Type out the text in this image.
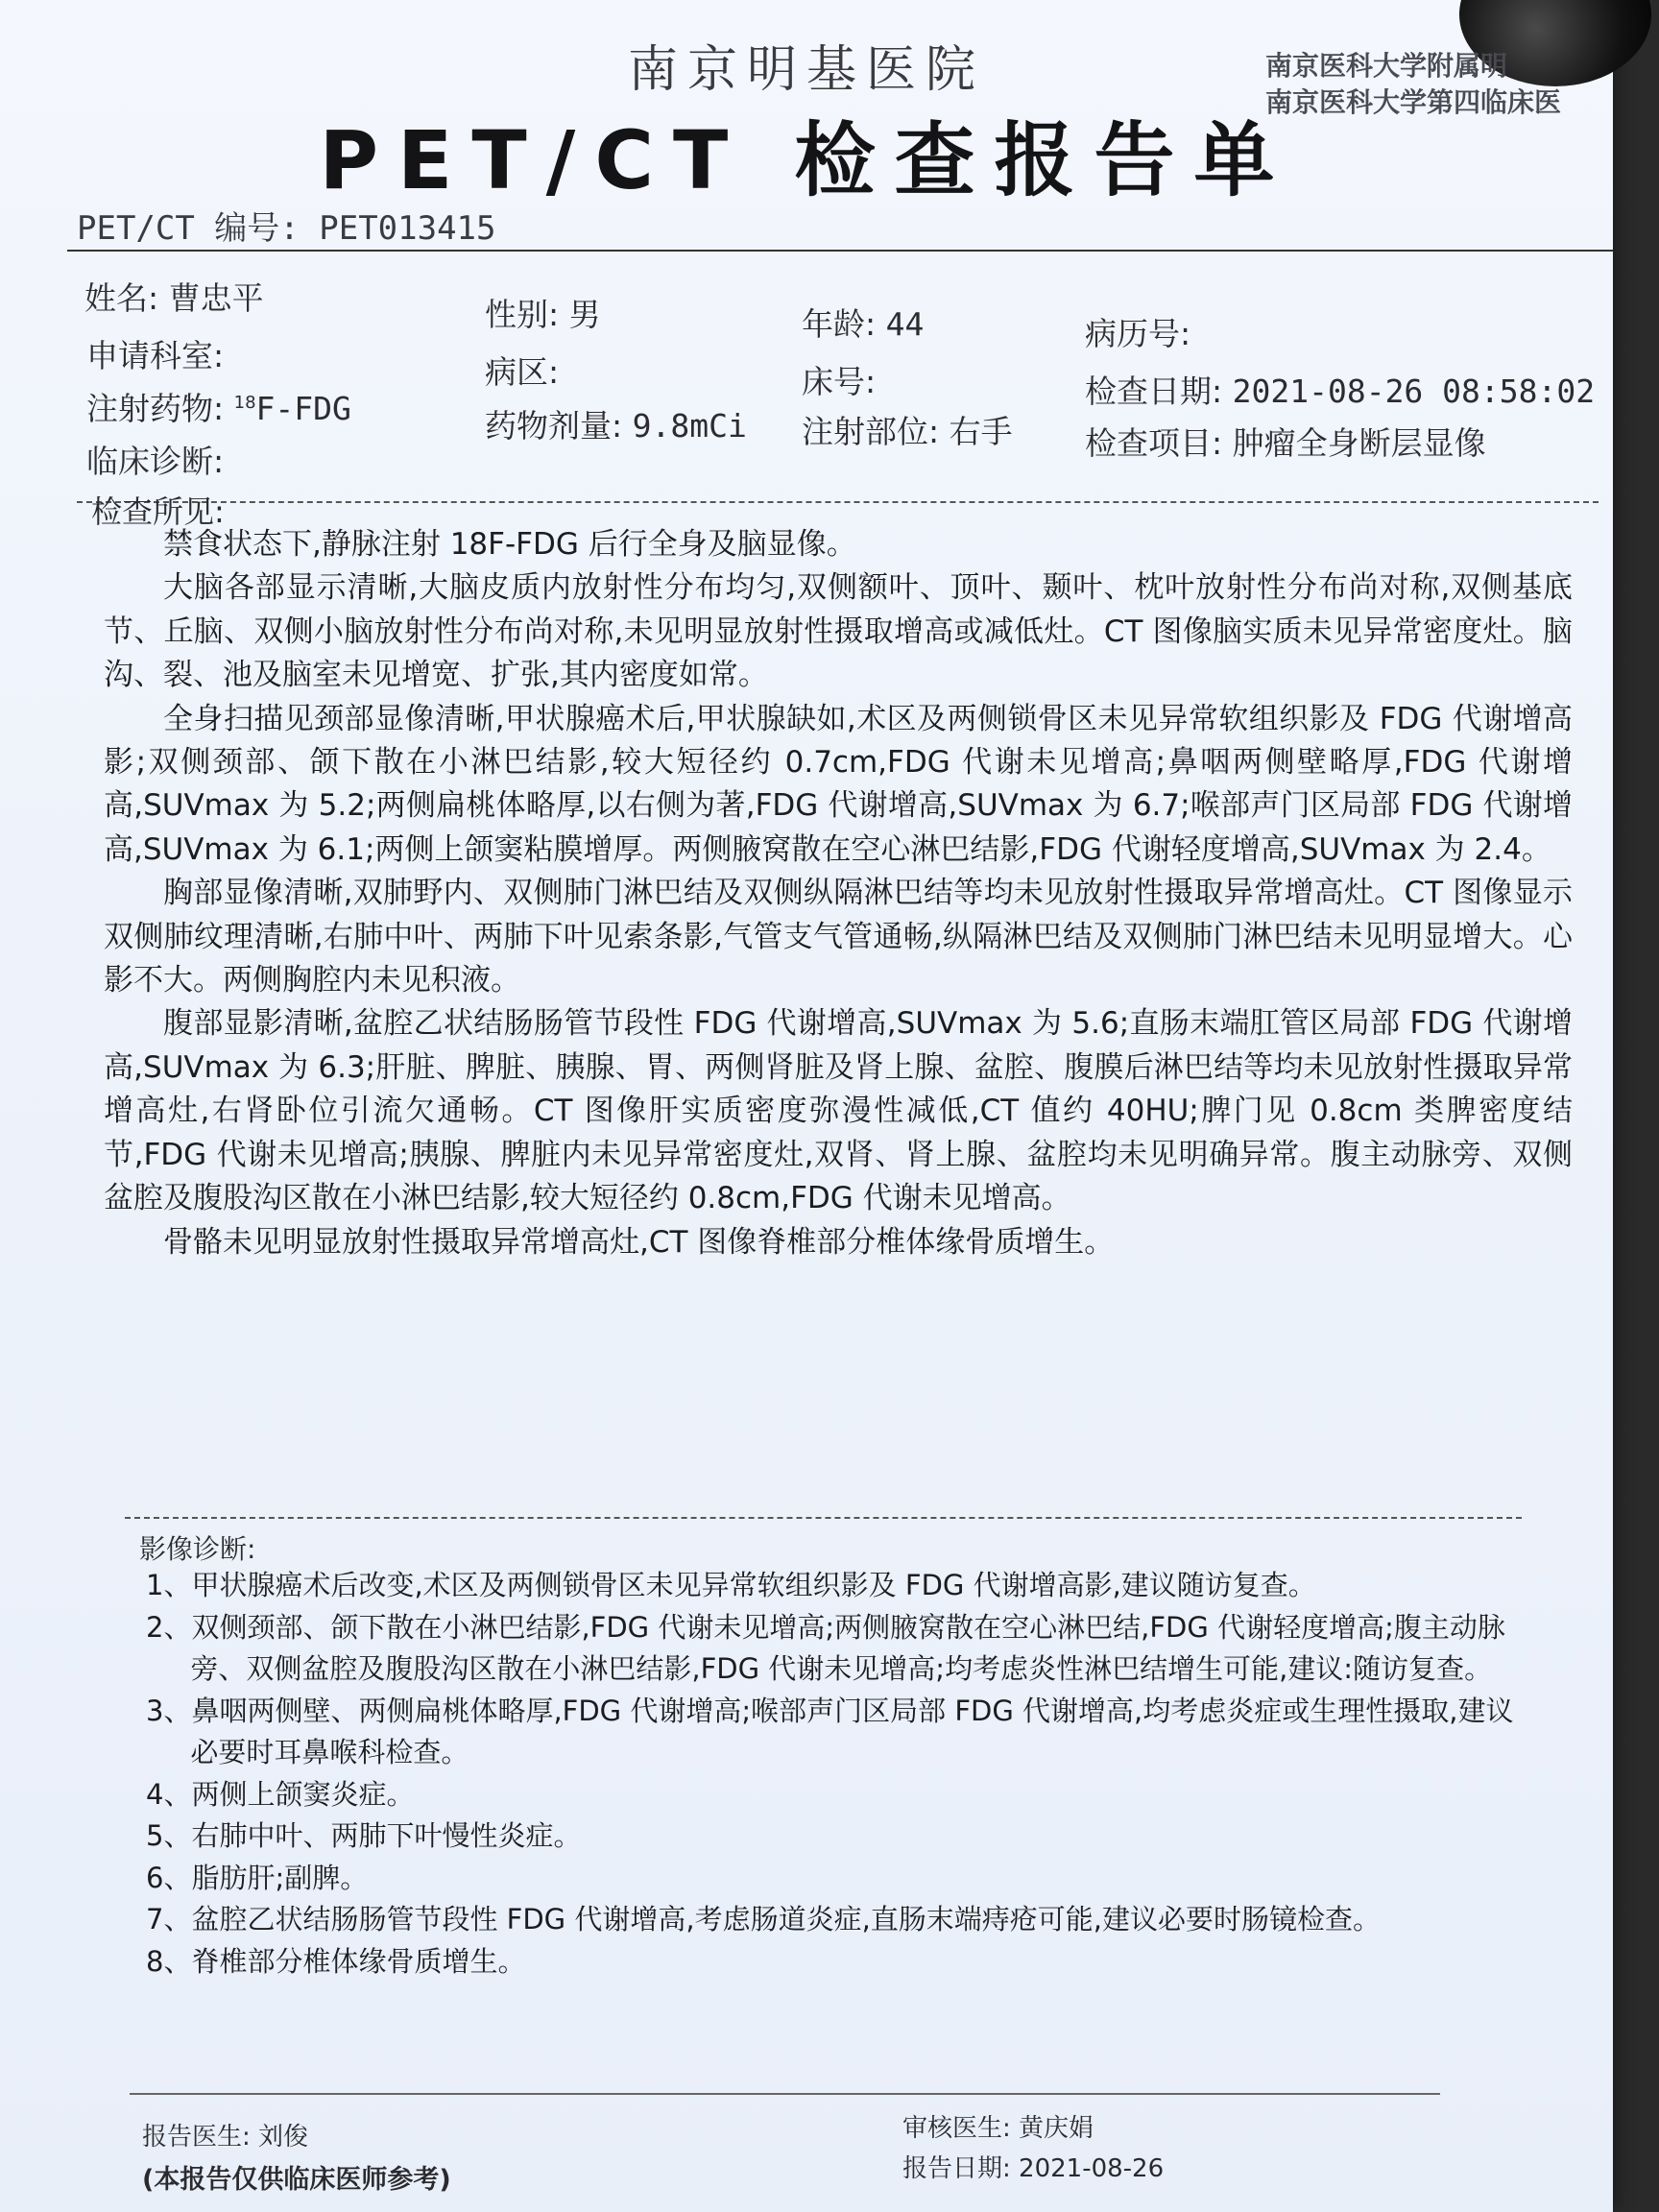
南京明基医院
PET/CT 检查报告单
南京医科大学附属明
南京医科大学第四临床医
PET/CT 编号: PET013415
姓名: 曹忠平	性别: 男	年龄: 44	病历号:
申请科室:	病区:	床号:	检查日期: 2021-08-26 08:58:02
注射药物: $^{18}$F-FDG	药物剂量: 9.8mCi 注射部位: 右手 检查项目: 肿瘤全身断层显像
临床诊断:
检查所见:

禁食状态下,静脉注射 18F-FDG 后行全身及脑显像。

大脑各部显示清晰,大脑皮质内放射性分布均匀,双侧额叶、顶叶、颞叶、枕叶放射性分布尚对称,双侧基底节、丘脑、双侧小脑放射性分布尚对称,未见明显放射性摄取增高或减低灶。CT 图像脑实质未见异常密度灶。脑沟、裂、池及脑室未见增宽、扩张,其内密度如常。

全身扫描见颈部显像清晰,甲状腺癌术后,甲状腺缺如,术区及两侧锁骨区未见异常软组织影及 FDG 代谢增高影;双侧颈部、颌下散在小淋巴结影,较大短径约 0.7cm,FDG 代谢未见增高;鼻咽两侧壁略厚,FDG 代谢增高,SUVmax 为 5.2;两侧扁桃体略厚,以右侧为著,FDG 代谢增高,SUVmax 为 6.7;喉部声门区局部 FDG 代谢增高,SUVmax 为 6.1;两侧上颌窦粘膜增厚。两侧腋窝散在空心淋巴结影,FDG 代谢轻度增高,SUVmax 为 2.4。

胸部显像清晰,双肺野内、双侧肺门淋巴结及双侧纵隔淋巴结等均未见放射性摄取异常增高灶。CT 图像显示双侧肺纹理清晰,右肺中叶、两肺下叶见索条影,气管支气管通畅,纵隔淋巴结及双侧肺门淋巴结未见明显增大。心影不大。两侧胸腔内未见积液。

腹部显影清晰,盆腔乙状结肠肠管节段性 FDG 代谢增高,SUVmax 为 5.6;直肠末端肛管区局部 FDG 代谢增高,SUVmax 为 6.3;肝脏、脾脏、胰腺、胃、两侧肾脏及肾上腺、盆腔、腹膜后淋巴结等均未见放射性摄取异常增高灶,右肾卧位引流欠通畅。CT 图像肝实质密度弥漫性减低,CT 值约 40HU;脾门见 0.8cm 类脾密度结节,FDG 代谢未见增高;胰腺、脾脏内未见异常密度灶,双肾、肾上腺、盆腔均未见明确异常。腹主动脉旁、双侧盆腔及腹股沟区散在小淋巴结影,较大短径约 0.8cm,FDG 代谢未见增高。

骨骼未见明显放射性摄取异常增高灶,CT 图像脊椎部分椎体缘骨质增生。

影像诊断:

1、甲状腺癌术后改变,术区及两侧锁骨区未见异常软组织影及 FDG 代谢增高影,建议随访复查。

2、双侧颈部、颌下散在小淋巴结影,FDG 代谢未见增高;两侧腋窝散在空心淋巴结,FDG 代谢轻度增高;腹主动脉旁、双侧盆腔及腹股沟区散在小淋巴结影,FDG 代谢未见增高;均考虑炎性淋巴结增生可能,建议:随访复查。

3、鼻咽两侧壁、两侧扁桃体略厚,FDG 代谢增高;喉部声门区局部 FDG 代谢增高,均考虑炎症或生理性摄取,建议必要时耳鼻喉科检查。

4、两侧上颌窦炎症。

5、右肺中叶、两肺下叶慢性炎症。

6、脂肪肝;副脾。

7、盆腔乙状结肠肠管节段性 FDG 代谢增高,考虑肠道炎症,直肠末端痔疮可能,建议必要时肠镜检查。

8、脊椎部分椎体缘骨质增生。

报告医生: 刘俊	审核医生: 黄庆娟
报告日期: 2021-08-26
(本报告仅供临床医师参考)
